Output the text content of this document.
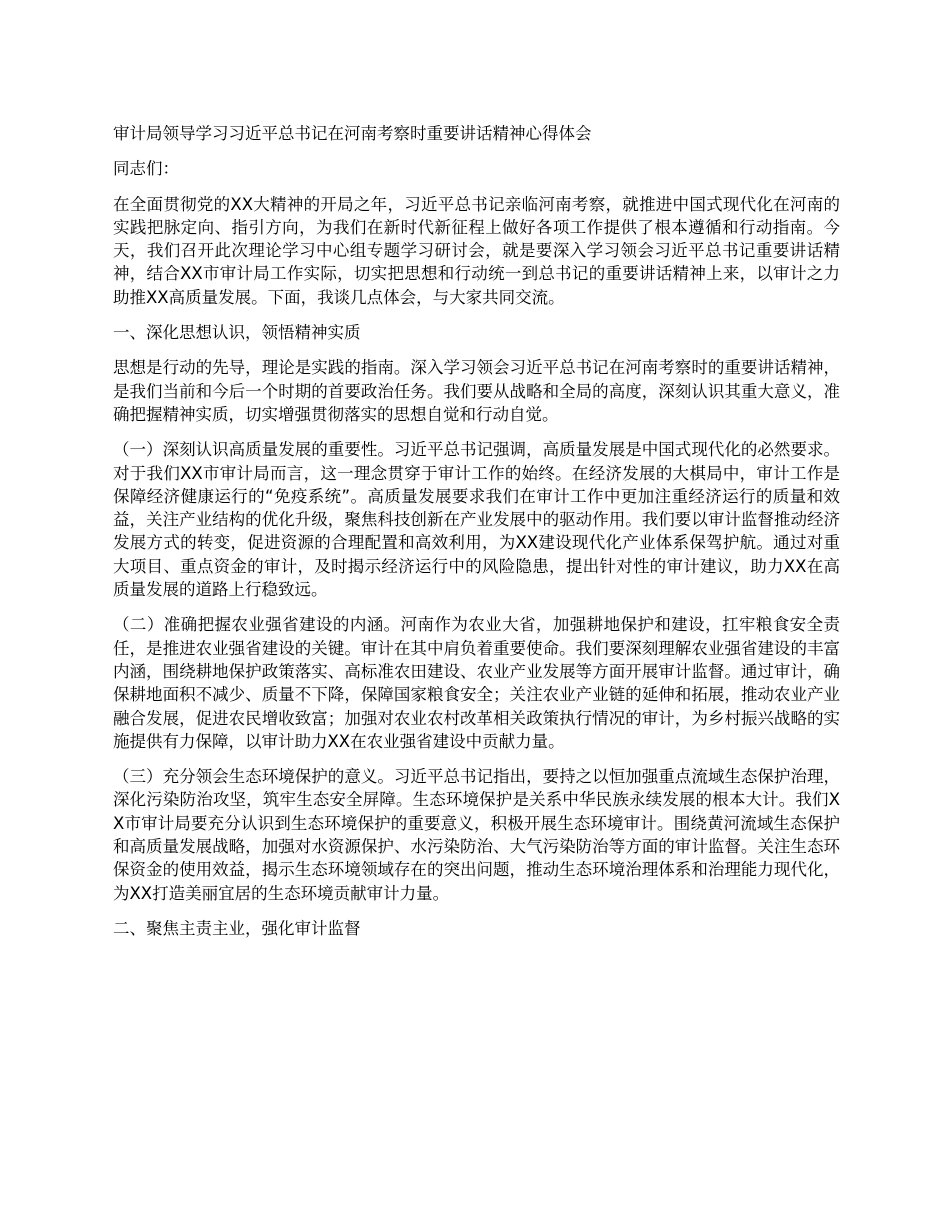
审计局领导学习习近平总书记在河南考察时重要讲话精神心得体会

同志们：

在全面贯彻党的XX大精神的开局之年，习近平总书记亲临河南考察，就推进中国式现代化在河南的实践把脉定向、指引方向，为我们在新时代新征程上做好各项工作提供了根本遵循和行动指南。今天，我们召开此次理论学习中心组专题学习研讨会，就是要深入学习领会习近平总书记重要讲话精神，结合XX市审计局工作实际，切实把思想和行动统一到总书记的重要讲话精神上来，以审计之力助推XX高质量发展。下面，我谈几点体会，与大家共同交流。

一、深化思想认识，领悟精神实质

思想是行动的先导，理论是实践的指南。深入学习领会习近平总书记在河南考察时的重要讲话精神，是我们当前和今后一个时期的首要政治任务。我们要从战略和全局的高度，深刻认识其重大意义，准确把握精神实质，切实增强贯彻落实的思想自觉和行动自觉。

（一）深刻认识高质量发展的重要性。习近平总书记强调，高质量发展是中国式现代化的必然要求。对于我们XX市审计局而言，这一理念贯穿于审计工作的始终。在经济发展的大棋局中，审计工作是保障经济健康运行的“免疫系统”。高质量发展要求我们在审计工作中更加注重经济运行的质量和效益，关注产业结构的优化升级，聚焦科技创新在产业发展中的驱动作用。我们要以审计监督推动经济发展方式的转变，促进资源的合理配置和高效利用，为XX建设现代化产业体系保驾护航。通过对重大项目、重点资金的审计，及时揭示经济运行中的风险隐患，提出针对性的审计建议，助力XX在高质量发展的道路上行稳致远。

（二）准确把握农业强省建设的内涵。河南作为农业大省，加强耕地保护和建设，扛牢粮食安全责任，是推进农业强省建设的关键。审计在其中肩负着重要使命。我们要深刻理解农业强省建设的丰富内涵，围绕耕地保护政策落实、高标准农田建设、农业产业发展等方面开展审计监督。通过审计，确保耕地面积不减少、质量不下降，保障国家粮食安全；关注农业产业链的延伸和拓展，推动农业产业融合发展，促进农民增收致富；加强对农业农村改革相关政策执行情况的审计，为乡村振兴战略的实施提供有力保障，以审计助力XX在农业强省建设中贡献力量。

（三）充分领会生态环境保护的意义。习近平总书记指出，要持之以恒加强重点流域生态保护治理，深化污染防治攻坚，筑牢生态安全屏障。生态环境保护是关系中华民族永续发展的根本大计。我们XX市审计局要充分认识到生态环境保护的重要意义，积极开展生态环境审计。围绕黄河流域生态保护和高质量发展战略，加强对水资源保护、水污染防治、大气污染防治等方面的审计监督。关注生态环保资金的使用效益，揭示生态环境领域存在的突出问题，推动生态环境治理体系和治理能力现代化，为XX打造美丽宜居的生态环境贡献审计力量。

二、聚焦主责主业，强化审计监督
